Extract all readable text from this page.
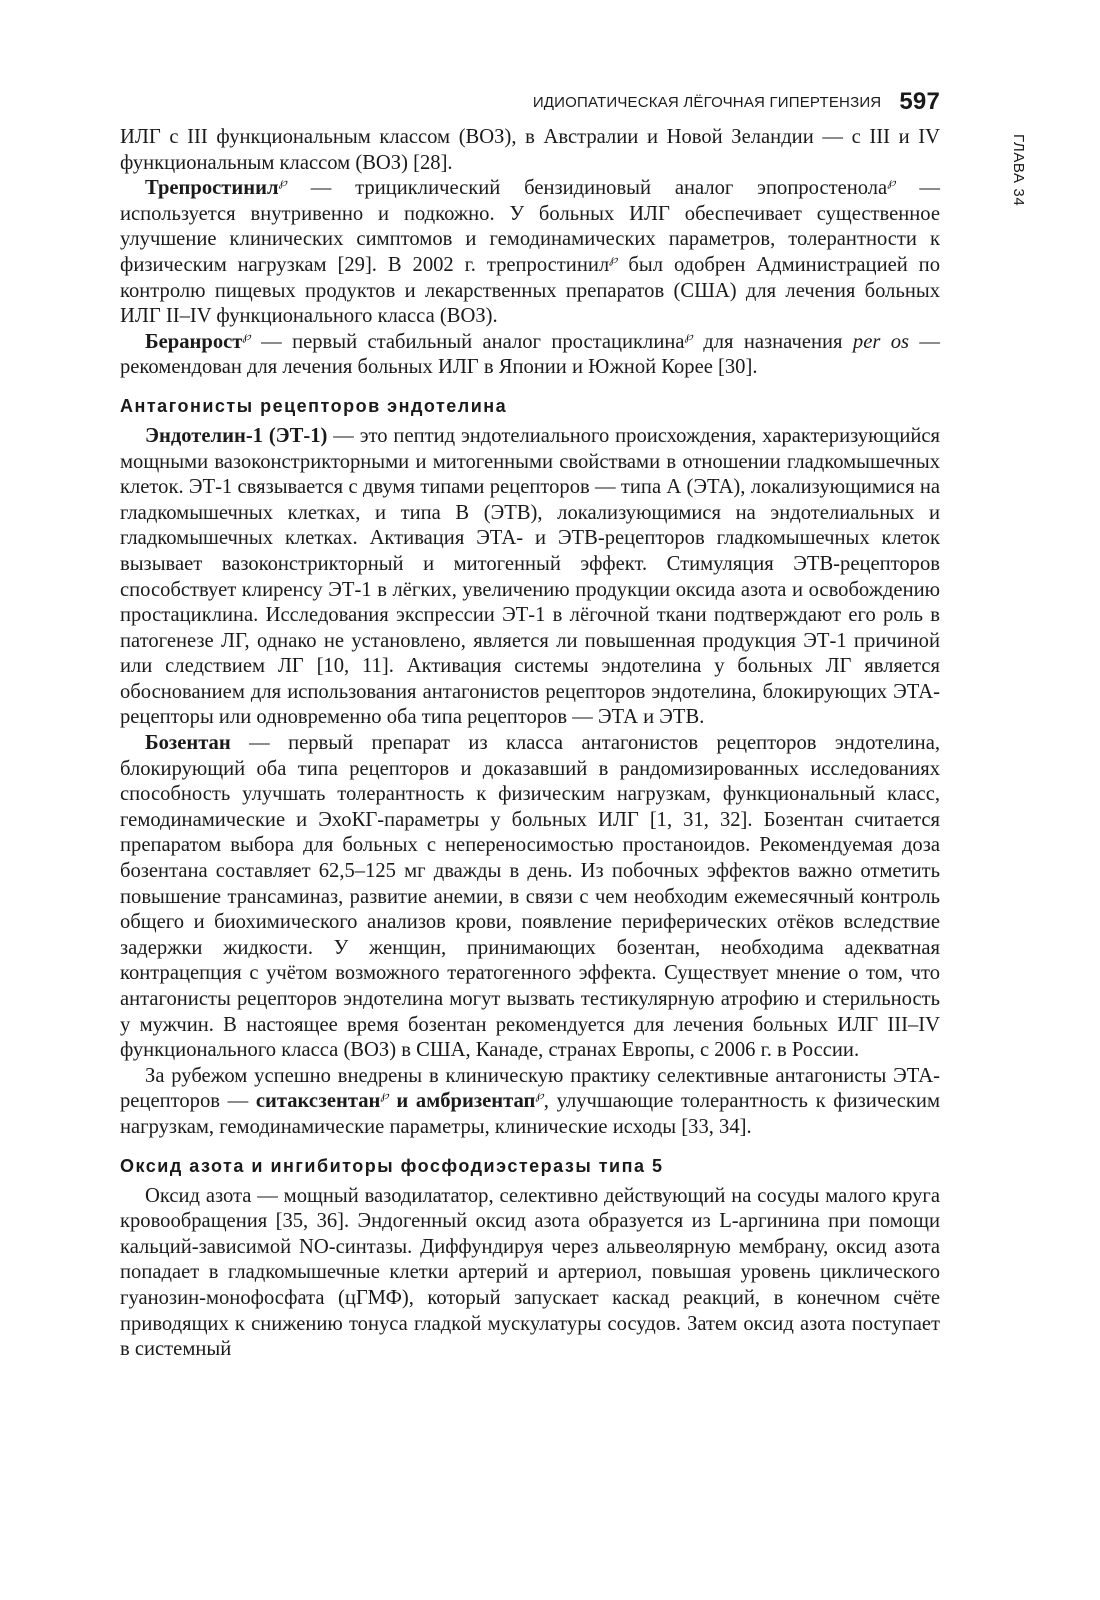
ИДИОПАТИЧЕСКАЯ ЛЁГОЧНАЯ ГИПЕРТЕНЗИЯ 597
ГЛАВА 34

ИЛГ с III функциональным классом (ВОЗ), в Австралии и Новой Зеландии — с III и IV функциональным классом (ВОЗ) [28].

Трепростинил℘ — трициклический бензидиновый аналог эпопростенола℘ — используется внутривенно и подкожно. У больных ИЛГ обеспечивает существенное улучшение клинических симптомов и гемодинамических параметров, толерантности к физическим нагрузкам [29]. В 2002 г. трепростинил℘ был одобрен Администрацией по контролю пищевых продуктов и лекарственных препаратов (США) для лечения больных ИЛГ II–IV функционального класса (ВОЗ).

Беранрост℘ — первый стабильный аналог простациклина℘ для назначения per os — рекомендован для лечения больных ИЛГ в Японии и Южной Корее [30].

Антагонисты рецепторов эндотелина

Эндотелин-1 (ЭТ-1) — это пептид эндотелиального происхождения, характеризующийся мощными вазоконстрикторными и митогенными свойствами в отношении гладкомышечных клеток. ЭТ-1 связывается с двумя типами рецепторов — типа А (ЭТА), локализующимися на гладкомышечных клетках, и типа В (ЭТВ), локализующимися на эндотелиальных и гладкомышечных клетках. Активация ЭТА- и ЭТВ-рецепторов гладкомышечных клеток вызывает вазоконстрикторный и митогенный эффект. Стимуляция ЭТВ-рецепторов способствует клиренсу ЭТ-1 в лёгких, увеличению продукции оксида азота и освобождению простациклина. Исследования экспрессии ЭТ-1 в лёгочной ткани подтверждают его роль в патогенезе ЛГ, однако не установлено, является ли повышенная продукция ЭТ-1 причиной или следствием ЛГ [10, 11]. Активация системы эндотелина у больных ЛГ является обоснованием для использования антагонистов рецепторов эндотелина, блокирующих ЭТА-рецепторы или одновременно оба типа рецепторов — ЭТА и ЭТВ.

Бозентан — первый препарат из класса антагонистов рецепторов эндотелина, блокирующий оба типа рецепторов и доказавший в рандомизированных исследованиях способность улучшать толерантность к физическим нагрузкам, функциональный класс, гемодинамические и ЭхоКГ-параметры у больных ИЛГ [1, 31, 32]. Бозентан считается препаратом выбора для больных с непереносимостью простаноидов. Рекомендуемая доза бозентана составляет 62,5–125 мг дважды в день. Из побочных эффектов важно отметить повышение трансаминаз, развитие анемии, в связи с чем необходим ежемесячный контроль общего и биохимического анализов крови, появление периферических отёков вследствие задержки жидкости. У женщин, принимающих бозентан, необходима адекватная контрацепция с учётом возможного тератогенного эффекта. Существует мнение о том, что антагонисты рецепторов эндотелина могут вызвать тестикулярную атрофию и стерильность у мужчин. В настоящее время бозентан рекомендуется для лечения больных ИЛГ III–IV функционального класса (ВОЗ) в США, Канаде, странах Европы, с 2006 г. в России.

За рубежом успешно внедрены в клиническую практику селективные антагонисты ЭТА-рецепторов — ситаксзентан℘ и амбризентап℘, улучшающие толерантность к физическим нагрузкам, гемодинамические параметры, клинические исходы [33, 34].

Оксид азота и ингибиторы фосфодиэстеразы типа 5

Оксид азота — мощный вазодилататор, селективно действующий на сосуды малого круга кровообращения [35, 36]. Эндогенный оксид азота образуется из L-аргинина при помощи кальций-зависимой NO-синтазы. Диффундируя через альвеолярную мембрану, оксид азота попадает в гладкомышечные клетки артерий и артериол, повышая уровень циклического гуанозин-монофосфата (цГМФ), который запускает каскад реакций, в конечном счёте приводящих к снижению тонуса гладкой мускулатуры сосудов. Затем оксид азота поступает в системный
